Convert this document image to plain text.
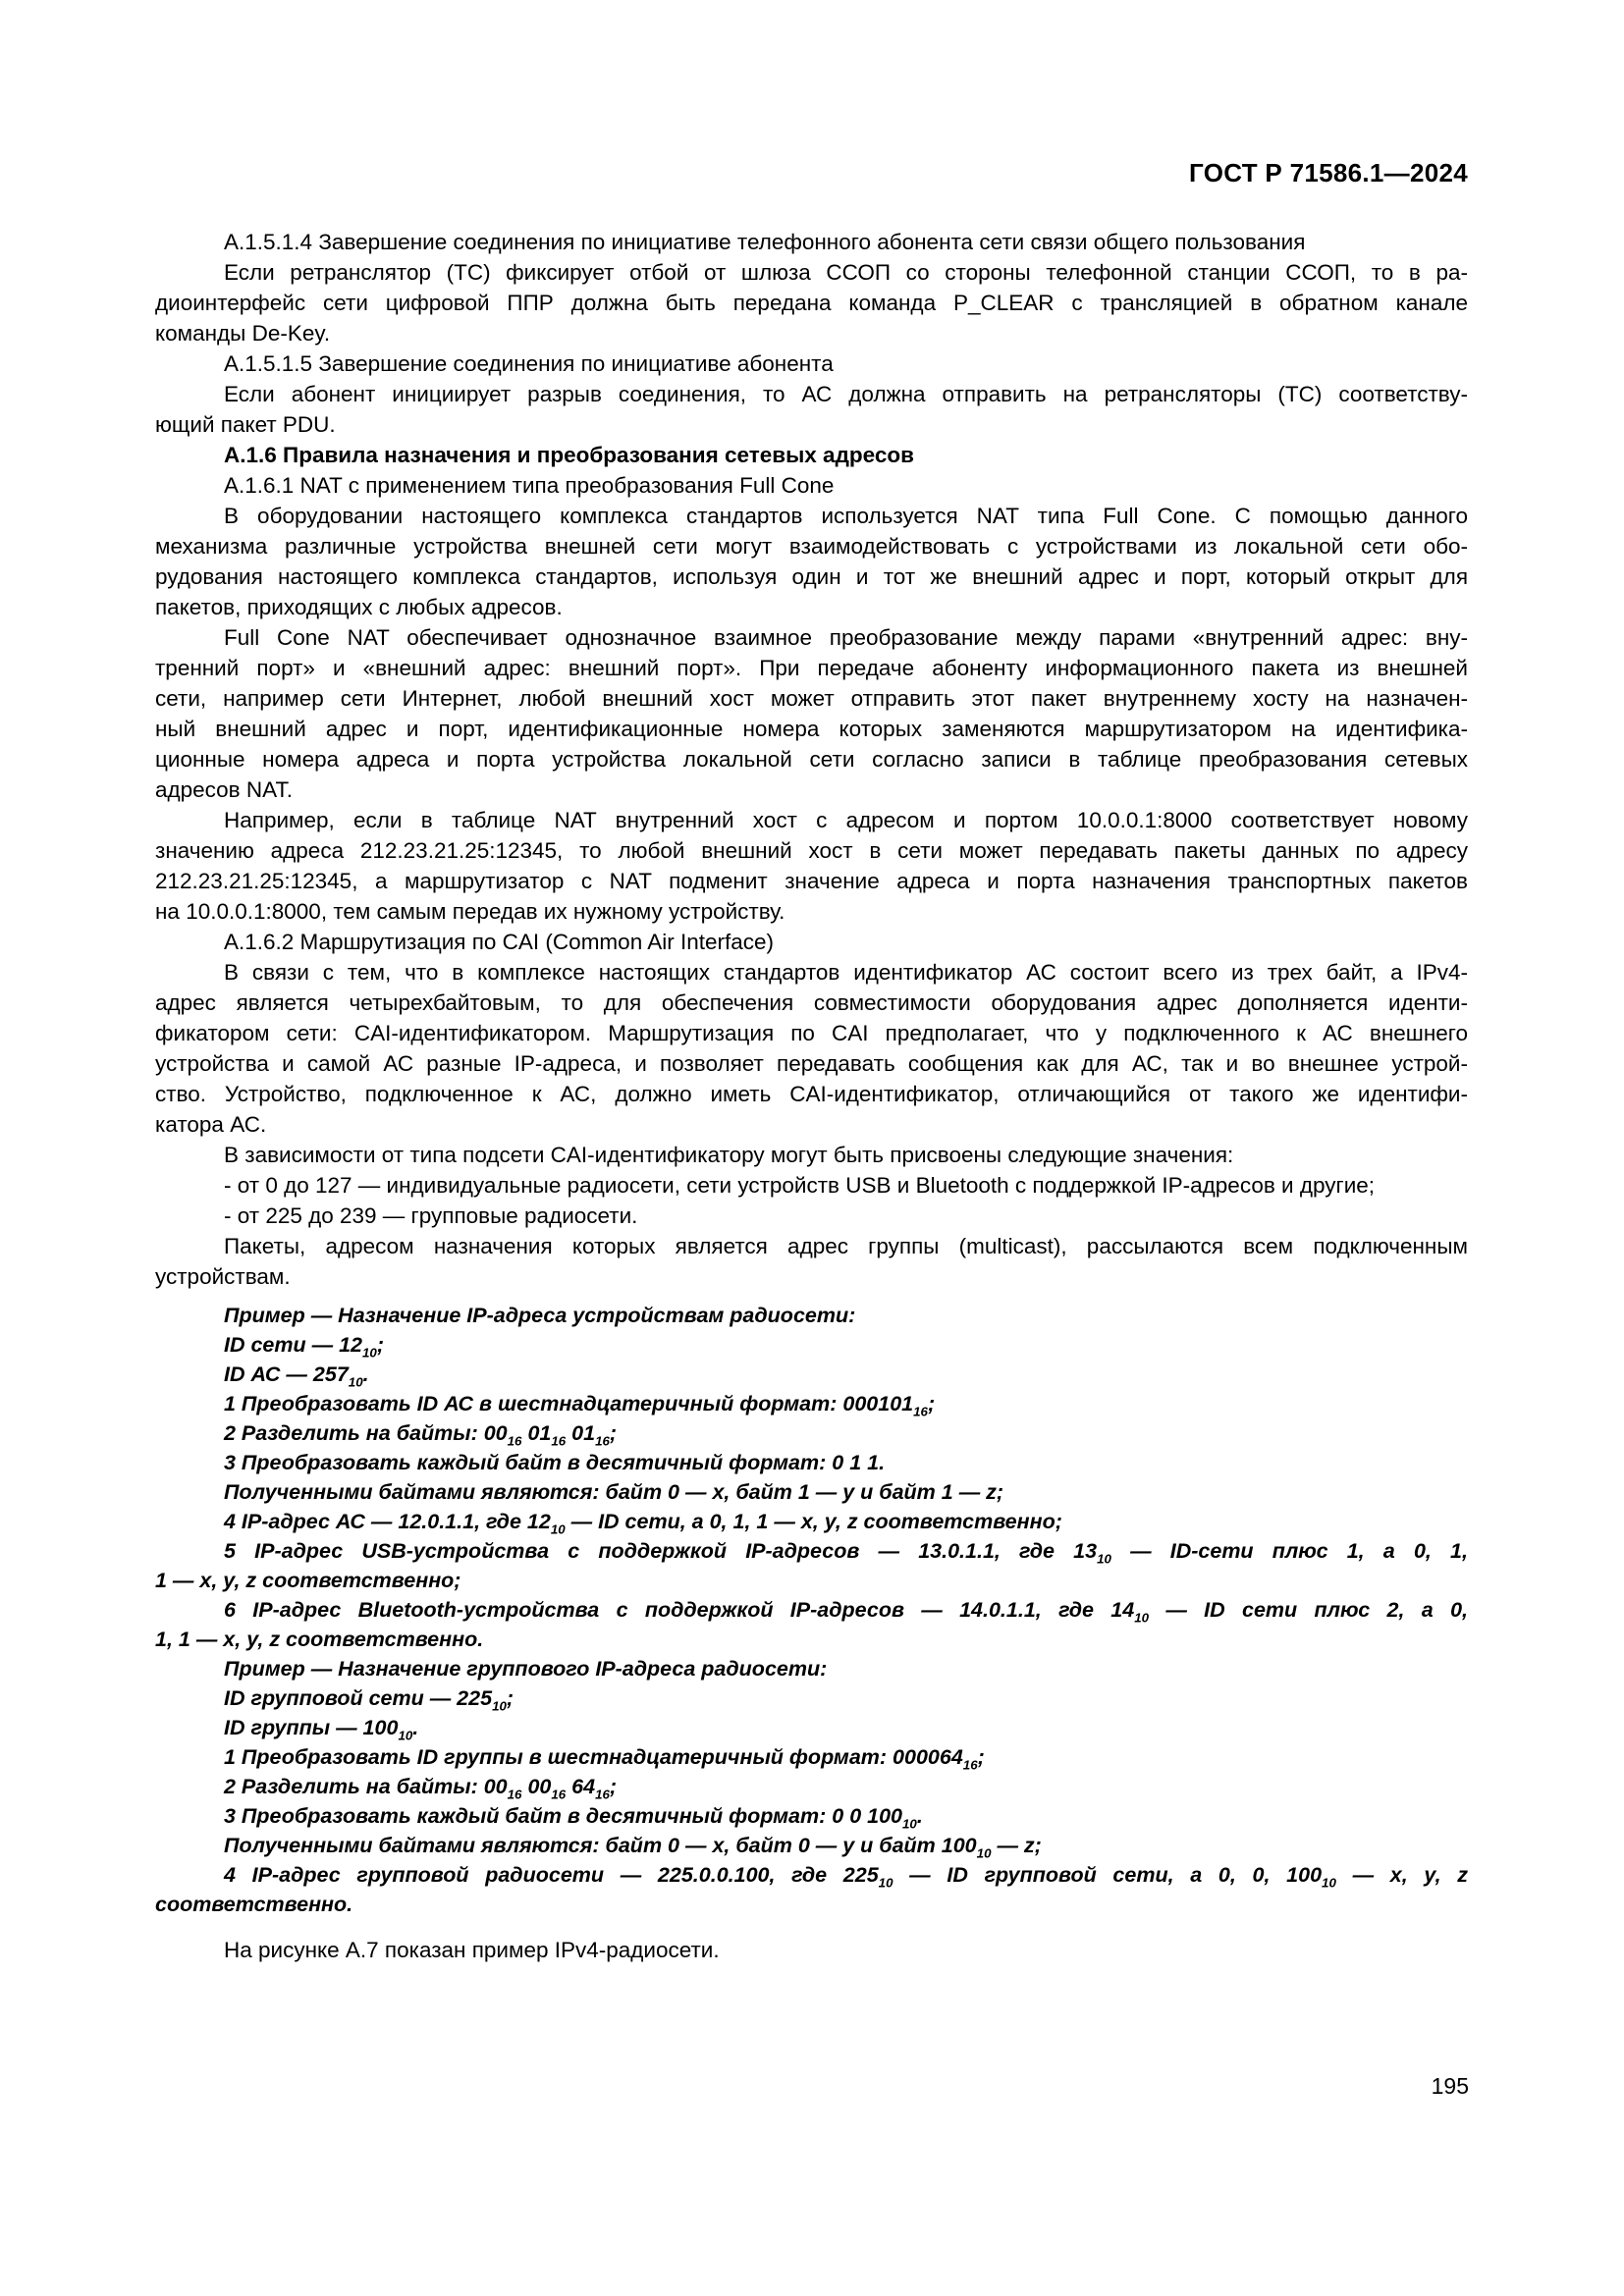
ГОСТ Р 71586.1—2024
А.1.5.1.4 Завершение соединения по инициативе телефонного абонента сети связи общего пользования
Если ретранслятор (ТС) фиксирует отбой от шлюза ССОП со стороны телефонной станции ССОП, то в ра-
диоинтерфейс сети цифровой ППР должна быть передана команда P_CLEAR с трансляцией в обратном канале
команды De-Key.
А.1.5.1.5 Завершение соединения по инициативе абонента
Если абонент инициирует разрыв соединения, то АС должна отправить на ретрансляторы (ТС) соответству-
ющий пакет PDU.
А.1.6 Правила назначения и преобразования сетевых адресов
А.1.6.1 NAT с применением типа преобразования Full Cone
В оборудовании настоящего комплекса стандартов используется NAT типа Full Cone. С помощью данного
механизма различные устройства внешней сети могут взаимодействовать с устройствами из локальной сети обо-
рудования настоящего комплекса стандартов, используя один и тот же внешний адрес и порт, который открыт для
пакетов, приходящих с любых адресов.
Full Cone NAT обеспечивает однозначное взаимное преобразование между парами «внутренний адрес: вну-
тренний порт» и «внешний адрес: внешний порт». При передаче абоненту информационного пакета из внешней
сети, например сети Интернет, любой внешний хост может отправить этот пакет внутреннему хосту на назначен-
ный внешний адрес и порт, идентификационные номера которых заменяются маршрутизатором на идентифика-
ционные номера адреса и порта устройства локальной сети согласно записи в таблице преобразования сетевых
адресов NAT.
Например, если в таблице NAT внутренний хост с адресом и портом 10.0.0.1:8000 соответствует новому
значению адреса 212.23.21.25:12345, то любой внешний хост в сети может передавать пакеты данных по адресу
212.23.21.25:12345, а маршрутизатор с NAT подменит значение адреса и порта назначения транспортных пакетов
на 10.0.0.1:8000, тем самым передав их нужному устройству.
А.1.6.2 Маршрутизация по CAI (Common Air Interface)
В связи с тем, что в комплексе настоящих стандартов идентификатор АС состоит всего из трех байт, а IPv4-
адрес является четырехбайтовым, то для обеспечения совместимости оборудования адрес дополняется иденти-
фикатором сети: CAI-идентификатором. Маршрутизация по CAI предполагает, что у подключенного к АС внешнего
устройства и самой АС разные IP-адреса, и позволяет передавать сообщения как для АС, так и во внешнее устрой-
ство. Устройство, подключенное к АС, должно иметь CAI-идентификатор, отличающийся от такого же идентифи-
катора АС.
В зависимости от типа подсети CAI-идентификатору могут быть присвоены следующие значения:
- от 0 до 127 — индивидуальные радиосети, сети устройств USB и Bluetooth с поддержкой IP-адресов и другие;
- от 225 до 239 — групповые радиосети.
Пакеты, адресом назначения которых является адрес группы (multicast), рассылаются всем подключенным
устройствам.
Пример — Назначение IP-адреса устройствам радиосети:
ID сети — $12_{10}$;
ID АС — $257_{10}$.
1 Преобразовать ID АС в шестнадцатеричный формат: $000101_{16}$;
2 Разделить на байты: $00_{16}$ $01_{16}$ $01_{16}$;
3 Преобразовать каждый байт в десятичный формат: 0 1 1.
Полученными байтами являются: байт 0 — x, байт 1 — y и байт 1 — z;
4 IP-адрес АС — 12.0.1.1, где $12_{10}$ — ID сети, а 0, 1, 1 — x, y, z соответственно;
5 IP-адрес USB-устройства с поддержкой IP-адресов — 13.0.1.1, где $13_{10}$ — ID-сети плюс 1, а 0, 1,
1 — x, y, z соответственно;
6 IP-адрес Bluetooth-устройства с поддержкой IP-адресов — 14.0.1.1, где $14_{10}$ — ID сети плюс 2, а 0,
1, 1 — x, y, z соответственно.
Пример — Назначение группового IP-адреса радиосети:
ID групповой сети — $225_{10}$;
ID группы — $100_{10}$.
1 Преобразовать ID группы в шестнадцатеричный формат: $000064_{16}$;
2 Разделить на байты: $00_{16}$ $00_{16}$ $64_{16}$;
3 Преобразовать каждый байт в десятичный формат: 0 0 $100_{10}$.
Полученными байтами являются: байт 0 — x, байт 0 — y и байт $100_{10}$ — z;
4 IP-адрес групповой радиосети — 225.0.0.100, где $225_{10}$ — ID групповой сети, а 0, 0, $100_{10}$ — x, y, z
соответственно.
На рисунке А.7 показан пример IPv4-радиосети.
195
